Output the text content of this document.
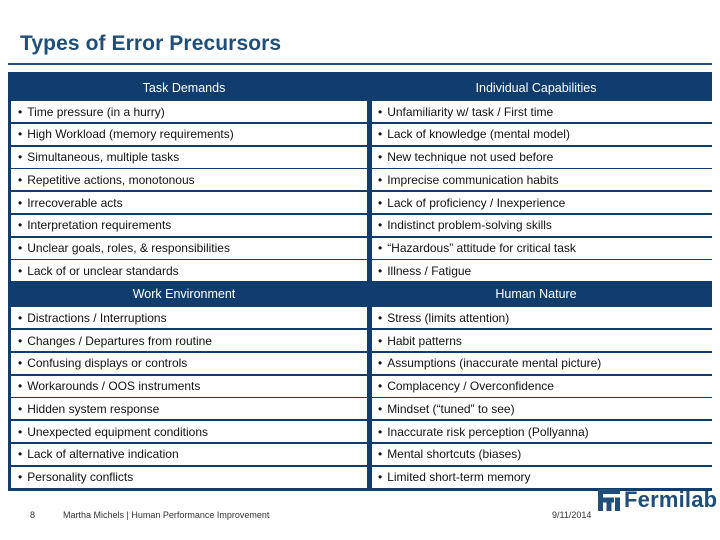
Types of Error Precursors
Task Demands	Individual Capabilities
• Time pressure (in a hurry)	• Unfamiliarity w/ task / First time
• High Workload (memory requirements)	• Lack of knowledge (mental model)
• Simultaneous, multiple tasks	• New technique not used before
• Repetitive actions, monotonous	• Imprecise communication habits
• Irrecoverable acts	• Lack of proficiency / Inexperience
• Interpretation requirements	• Indistinct problem-solving skills
• Unclear goals, roles, & responsibilities	• “Hazardous” attitude for critical task
• Lack of or unclear standards	• Illness / Fatigue
Work Environment	Human Nature
• Distractions / Interruptions	• Stress (limits attention)
• Changes / Departures from routine	• Habit patterns
• Confusing displays or controls	• Assumptions (inaccurate mental picture)
• Workarounds / OOS instruments	• Complacency / Overconfidence
• Hidden system response	• Mindset (“tuned” to see)
• Unexpected equipment conditions	• Inaccurate risk perception (Pollyanna)
• Lack of alternative indication	• Mental shortcuts (biases)
• Personality conflicts	• Limited short-term memory
8	Martha Michels | Human Performance Improvement
Fermilab
9/11/2014
